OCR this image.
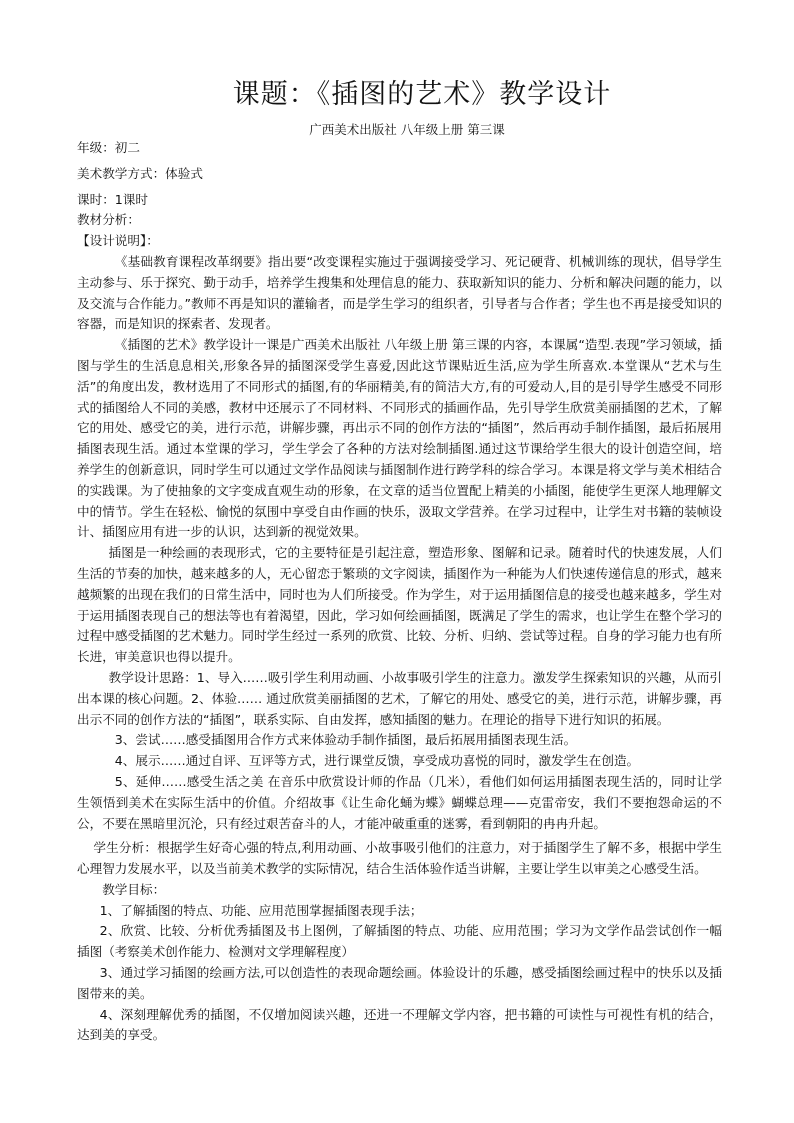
课题：《插图的艺术》教学设计
广西美术出版社 八年级上册 第三课

年级：初二

美术教学方式：体验式

课时：1课时

教材分析：

【设计说明】：

《基础教育课程改革纲要》指出要“改变课程实施过于强调接受学习、死记硬背、机械训练的现状，倡导学生主动参与、乐于探究、勤于动手，培养学生搜集和处理信息的能力、获取新知识的能力、分析和解决问题的能力，以及交流与合作能力。”教师不再是知识的灌输者，而是学生学习的组织者，引导者与合作者；学生也不再是接受知识的容器，而是知识的探索者、发现者。

《插图的艺术》教学设计一课是广西美术出版社 八年级上册 第三课的内容，本课属“造型.表现”学习领域，插图与学生的生活息息相关,形象各异的插图深受学生喜爱,因此这节课贴近生活,应为学生所喜欢.本堂课从“艺术与生活”的角度出发，教材选用了不同形式的插图,有的华丽精美,有的简洁大方,有的可爱动人,目的是引导学生感受不同形式的插图给人不同的美感，教材中还展示了不同材料、不同形式的插画作品，先引导学生欣赏美丽插图的艺术，了解它的用处、感受它的美，进行示范，讲解步骤，再出示不同的创作方法的“插图”，然后再动手制作插图，最后拓展用插图表现生活。通过本堂课的学习，学生学会了各种的方法对绘制插图.通过这节课给学生很大的设计创造空间，培养学生的创新意识，同时学生可以通过文学作品阅读与插图制作进行跨学科的综合学习。本课是将文学与美术相结合的实践课。为了使抽象的文字变成直观生动的形象，在文章的适当位置配上精美的小插图，能使学生更深人地理解文中的情节。学生在轻松、愉悦的氛围中享受自由作画的快乐，汲取文学营养。在学习过程中，让学生对书籍的装帧设计、插图应用有进一步的认识，达到新的视觉效果。

插图是一种绘画的表现形式，它的主要特征是引起注意，塑造形象、图解和记录。随着时代的快速发展，人们生活的节奏的加快，越来越多的人，无心留恋于繁琐的文字阅读，插图作为一种能为人们快速传递信息的形式，越来越频繁的出现在我们的日常生活中，同时也为人们所接受。作为学生，对于运用插图信息的接受也越来越多，学生对于运用插图表现自己的想法等也有着渴望，因此，学习如何绘画插图，既满足了学生的需求，也让学生在整个学习的过程中感受插图的艺术魅力。同时学生经过一系列的欣赏、比较、分析、归纳、尝试等过程。自身的学习能力也有所长进，审美意识也得以提升。

教学设计思路：1、导入……吸引学生利用动画、小故事吸引学生的注意力。激发学生探索知识的兴趣，从而引出本课的核心问题。2、体验…… 通过欣赏美丽插图的艺术，了解它的用处、感受它的美，进行示范，讲解步骤，再出示不同的创作方法的“插图”，联系实际、自由发挥，感知插图的魅力。在理论的指导下进行知识的拓展。

3、尝试……感受插图用合作方式来体验动手制作插图，最后拓展用插图表现生活。

4、展示……通过自评、互评等方式，进行课堂反馈，享受成功喜悦的同时，激发学生在创造。

5、延伸……感受生活之美 在音乐中欣赏设计师的作品（几米），看他们如何运用插图表现生活的，同时让学生领悟到美术在实际生活中的价值。介绍故事《让生命化蛹为蝶》蝴蝶总理——克雷帝安，我们不要抱怨命运的不公，不要在黑暗里沉沦，只有经过艰苦奋斗的人，才能冲破重重的迷雾，看到朝阳的冉冉升起。

学生分析：根据学生好奇心强的特点,利用动画、小故事吸引他们的注意力，对于插图学生了解不多，根据中学生心理智力发展水平，以及当前美术教学的实际情况，结合生活体验作适当讲解，主要让学生以审美之心感受生活。

教学目标：

1、了解插图的特点、功能、应用范围掌握插图表现手法；

2、欣赏、比较、分析优秀插图及书上图例，了解插图的特点、功能、应用范围；学习为文学作品尝试创作一幅插图（考察美术创作能力、检测对文学理解程度）

3、通过学习插图的绘画方法,可以创造性的表现命题绘画。体验设计的乐趣，感受插图绘画过程中的快乐以及插图带来的美。

4、深刻理解优秀的插图，不仅增加阅读兴趣，还进一不理解文学内容，把书籍的可读性与可视性有机的结合，达到美的享受。
